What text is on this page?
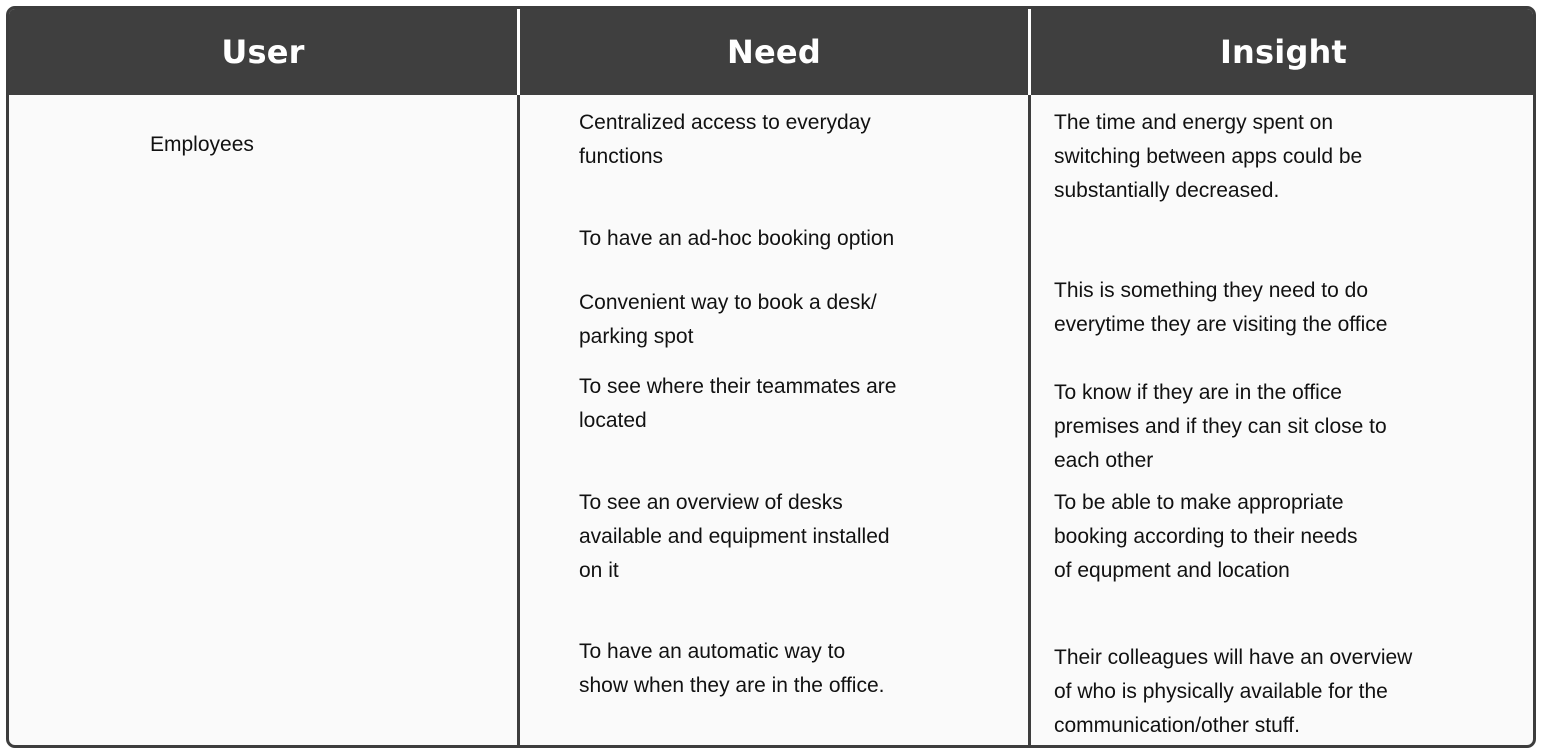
User	Need	Insight
Employees
Centralized access to everyday
functions
To have an ad-hoc booking option
Convenient way to book a desk/
parking spot
To see where their teammates are
located
To see an overview of desks
available and equipment installed
on it
To have an automatic way to
show when they are in the office.
The time and energy spent on
switching between apps could be
substantially decreased.
This is something they need to do
everytime they are visiting the office
To know if they are in the office
premises and if they can sit close to
each other
To be able to make appropriate
booking according to their needs
of equpment and location
Their colleagues will have an overview
of who is physically available for the
communication/other stuff.
